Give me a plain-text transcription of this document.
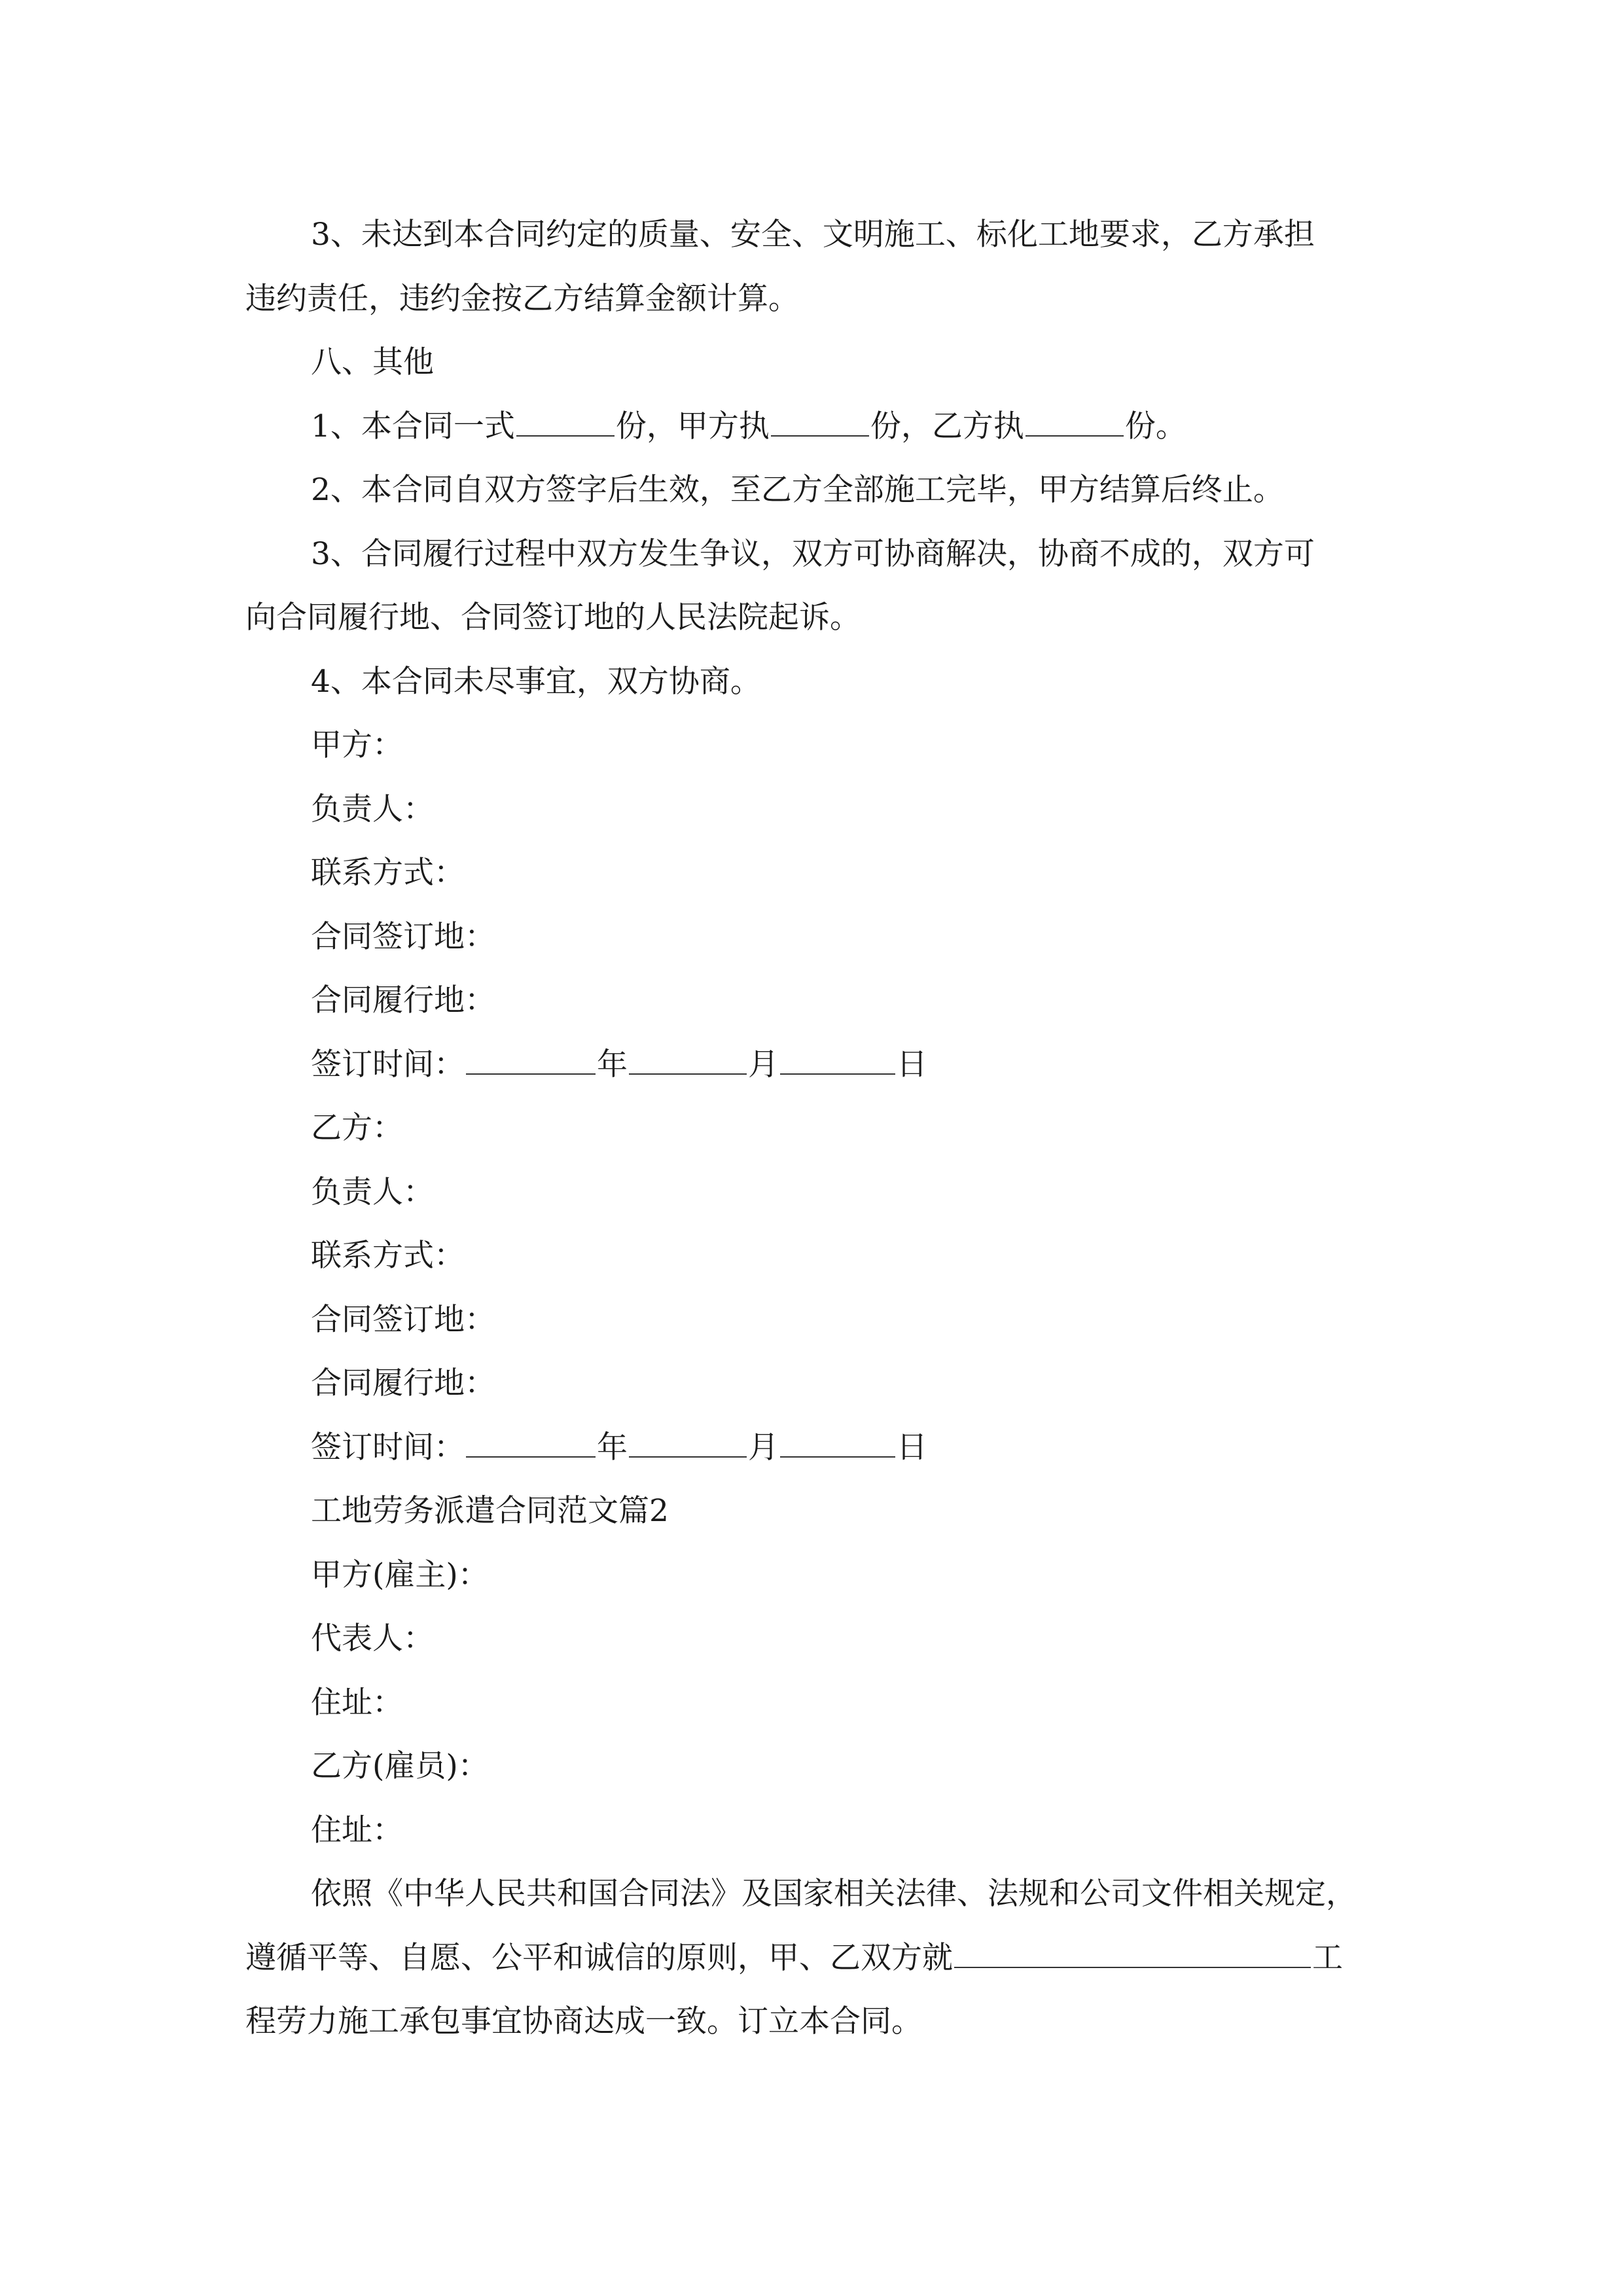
3、未达到本合同约定的质量、安全、文明施工、标化工地要求，乙方承担
违约责任，违约金按乙方结算金额计算。
八、其他
1、本合同一式	份，甲方执	份，乙方执	份。
2、本合同自双方签字后生效，至乙方全部施工完毕，甲方结算后终止。
3、合同履行过程中双方发生争议，双方可协商解决，协商不成的，双方可
向合同履行地、合同签订地的人民法院起诉。
4、本合同未尽事宜，双方协商。
甲方：
负责人：
联系方式：
合同签订地：
合同履行地：
签订时间：	年	月	日
乙方：
负责人：
联系方式：
合同签订地：
合同履行地：
签订时间：	年	月	日
工地劳务派遣合同范文篇2
甲方(雇主)：
代表人：
住址：
乙方(雇员)：
住址：
依照《中华人民共和国合同法》及国家相关法律、法规和公司文件相关规定，
遵循平等、自愿、公平和诚信的原则，甲、乙双方就	工
程劳力施工承包事宜协商达成一致。订立本合同。
